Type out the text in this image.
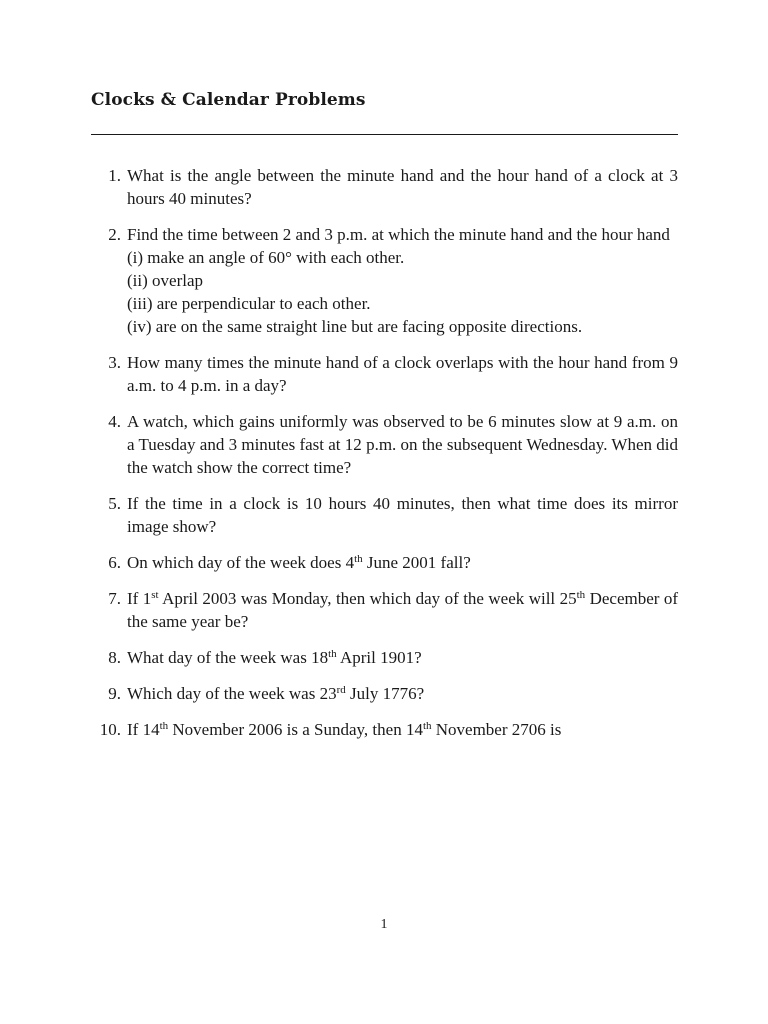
Clocks & Calendar Problems
1. What is the angle between the minute hand and the hour hand of a clock at 3 hours 40 minutes?
2. Find the time between 2 and 3 p.m. at which the minute hand and the hour hand
(i) make an angle of 60° with each other.
(ii) overlap
(iii) are perpendicular to each other.
(iv) are on the same straight line but are facing opposite directions.
3. How many times the minute hand of a clock overlaps with the hour hand from 9 a.m. to 4 p.m. in a day?
4. A watch, which gains uniformly was observed to be 6 minutes slow at 9 a.m. on a Tuesday and 3 minutes fast at 12 p.m. on the subsequent Wednesday. When did the watch show the correct time?
5. If the time in a clock is 10 hours 40 minutes, then what time does its mirror image show?
6. On which day of the week does 4th June 2001 fall?
7. If 1st April 2003 was Monday, then which day of the week will 25th December of the same year be?
8. What day of the week was 18th April 1901?
9. Which day of the week was 23rd July 1776?
10. If 14th November 2006 is a Sunday, then 14th November 2706 is
1
